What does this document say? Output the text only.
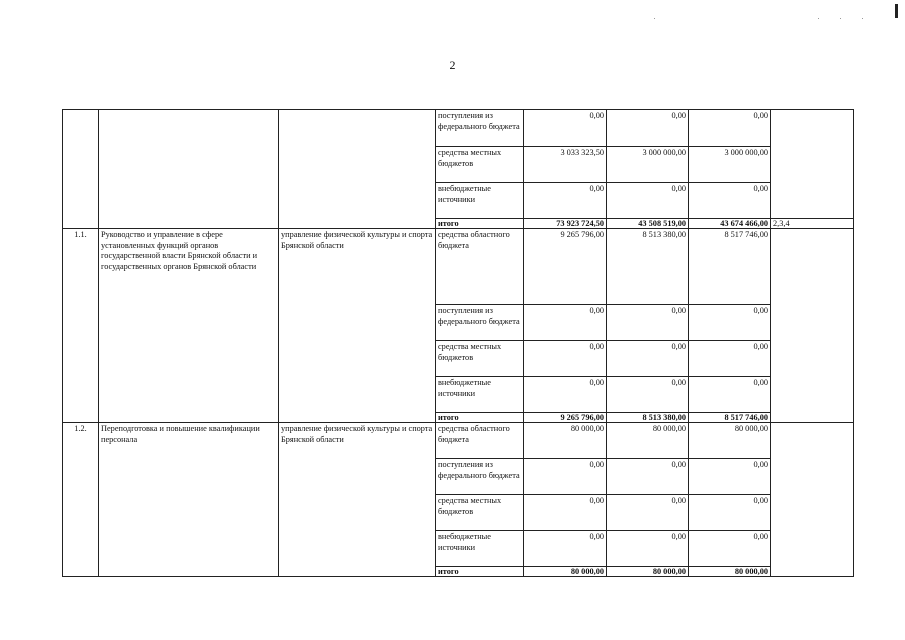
2
			поступления из федерального бюджета	0,00	0,00	0,00	
			средства местных бюджетов	3 033 323,50	3 000 000,00	3 000 000,00	
			внебюджетные источники	0,00	0,00	0,00	
			итого	73 923 724,50	43 508 519,00	43 674 466,00	2,3,4
1.1.	Руководство и управление в сфере установленных функций органов государственной власти Брянской области и государственных органов Брянской области	управление физической культуры и спорта Брянской области	средства областного бюджета	9 265 796,00	8 513 380,00	8 517 746,00	
			поступления из федерального бюджета	0,00	0,00	0,00	
			средства местных бюджетов	0,00	0,00	0,00	
			внебюджетные источники	0,00	0,00	0,00	
			итого	9 265 796,00	8 513 380,00	8 517 746,00	
1.2.	Переподготовка и повышение квалификации персонала	управление физической культуры и спорта Брянской области	средства областного бюджета	80 000,00	80 000,00	80 000,00	
			поступления из федерального бюджета	0,00	0,00	0,00	
			средства местных бюджетов	0,00	0,00	0,00	
			внебюджетные источники	0,00	0,00	0,00	
			итого	80 000,00	80 000,00	80 000,00	
